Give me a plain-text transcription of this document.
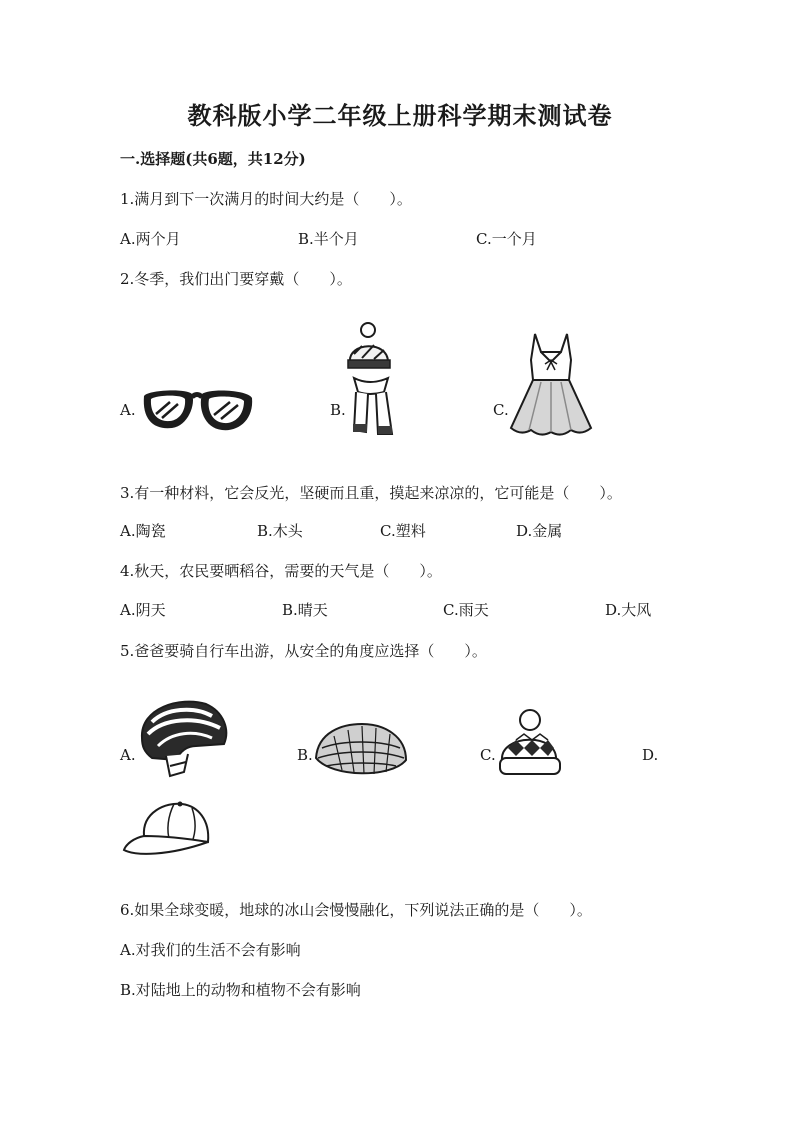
教科版小学二年级上册科学期末测试卷
一.选择题(共6题，共12分)
1.满月到下一次满月的时间大约是（　　）。
A.两个月	B.半个月	C.一个月
2.冬季，我们出门要穿戴（　　）。
A.	B.	C.
3.有一种材料，它会反光，坚硬而且重，摸起来凉凉的，它可能是（　　）。
A.陶瓷	B.木头	C.塑料	D.金属
4.秋天，农民要晒稻谷，需要的天气是（　　）。
A.阴天	B.晴天	C.雨天	D.大风
5.爸爸要骑自行车出游，从安全的角度应选择（　　）。
A.	B.	C.	D.
6.如果全球变暖，地球的冰山会慢慢融化，下列说法正确的是（　　）。
A.对我们的生活不会有影响
B.对陆地上的动物和植物不会有影响
